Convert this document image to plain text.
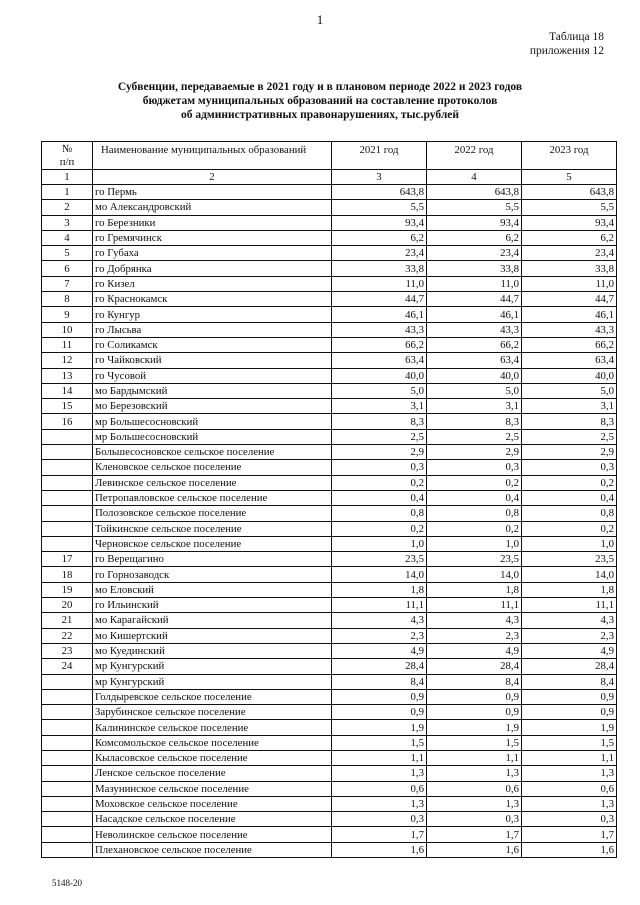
1
Таблица 18
приложения 12
Субвенции, передаваемые в 2021 году и в плановом периоде 2022 и 2023 годов
бюджетам муниципальных образований на составление протоколов
об административных правонарушениях, тыс.рублей
№
п/п	Наименование муниципальных образований	2021 год	2022 год	2023 год
1	2	3	4	5
1	го Пермь	643,8	643,8	643,8
2	мо Александровский	5,5	5,5	5,5
3	го Березники	93,4	93,4	93,4
4	го Гремячинск	6,2	6,2	6,2
5	го Губаха	23,4	23,4	23,4
6	го Добрянка	33,8	33,8	33,8
7	го Кизел	11,0	11,0	11,0
8	го Краснокамск	44,7	44,7	44,7
9	го Кунгур	46,1	46,1	46,1
10	го Лысьва	43,3	43,3	43,3
11	го Соликамск	66,2	66,2	66,2
12	го Чайковский	63,4	63,4	63,4
13	го Чусовой	40,0	40,0	40,0
14	мо Бардымский	5,0	5,0	5,0
15	мо Березовский	3,1	3,1	3,1
16	мр Большесосновский	8,3	8,3	8,3
	мр Большесосновский	2,5	2,5	2,5
	Большесосновское сельское поселение	2,9	2,9	2,9
	Кленовское сельское поселение	0,3	0,3	0,3
	Левинское сельское поселение	0,2	0,2	0,2
	Петропавловское сельское поселение	0,4	0,4	0,4
	Полозовское сельское поселение	0,8	0,8	0,8
	Тойкинское сельское поселение	0,2	0,2	0,2
	Черновское сельское поселение	1,0	1,0	1,0
17	го Верещагино	23,5	23,5	23,5
18	го Горнозаводск	14,0	14,0	14,0
19	мо Еловский	1,8	1,8	1,8
20	го Ильинский	11,1	11,1	11,1
21	мо Карагайский	4,3	4,3	4,3
22	мо Кишертский	2,3	2,3	2,3
23	мо Куединский	4,9	4,9	4,9
24	мр Кунгурский	28,4	28,4	28,4
	мр Кунгурский	8,4	8,4	8,4
	Голдыревское сельское поселение	0,9	0,9	0,9
	Зарубинское сельское поселение	0,9	0,9	0,9
	Калининское сельское поселение	1,9	1,9	1,9
	Комсомольское сельское поселение	1,5	1,5	1,5
	Кыласовское сельское поселение	1,1	1,1	1,1
	Ленское сельское поселение	1,3	1,3	1,3
	Мазунинское сельское поселение	0,6	0,6	0,6
	Моховское сельское поселение	1,3	1,3	1,3
	Насадское сельское поселение	0,3	0,3	0,3
	Неволинское сельское поселение	1,7	1,7	1,7
	Плехановское сельское поселение	1,6	1,6	1,6
5148-20
